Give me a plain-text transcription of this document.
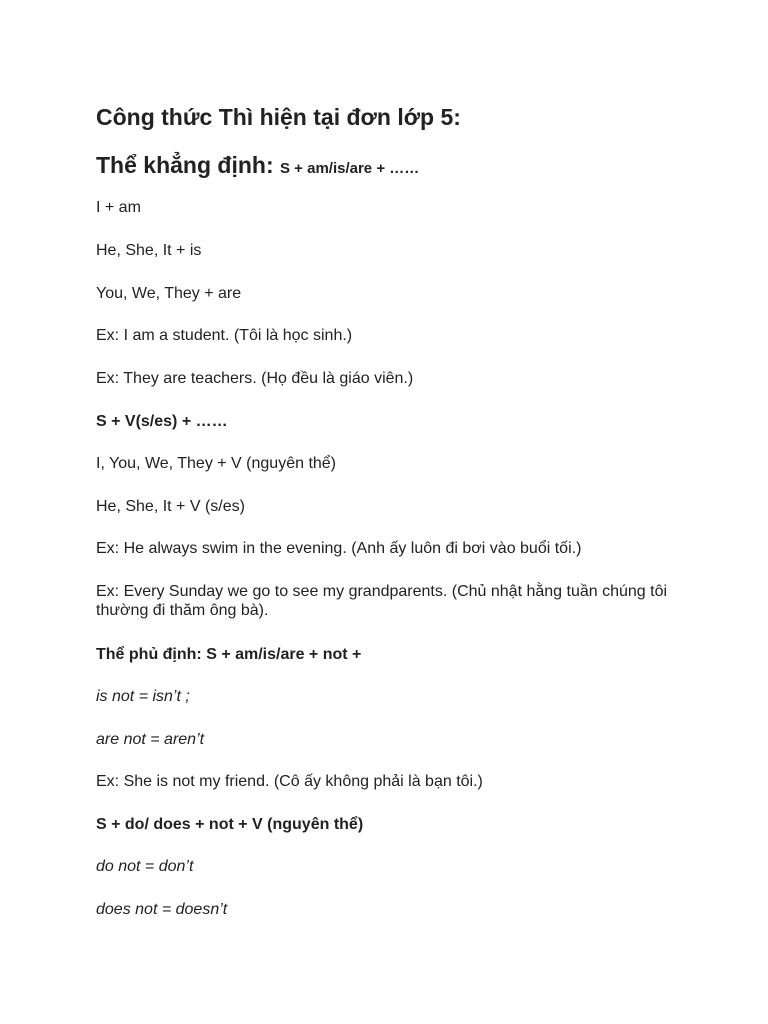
Công thức Thì hiện tại đơn lớp 5:
Thể khẳng định: S + am/is/are + ……
I + am
He, She, It + is
You, We, They + are
Ex: I am a student. (Tôi là học sinh.)
Ex: They are teachers. (Họ đều là giáo viên.)
S + V(s/es) + ……
I, You, We, They + V (nguyên thể)
He, She, It + V (s/es)
Ex: He always swim in the evening. (Anh ấy luôn đi bơi vào buổi tối.)
Ex: Every Sunday we go to see my grandparents. (Chủ nhật hằng tuần chúng tôi thường đi thăm ông bà).
Thể phủ định: S + am/is/are + not +
is not = isn’t ;
are not = aren’t
Ex: She is not my friend. (Cô ấy không phải là bạn tôi.)
S + do/ does + not + V (nguyên thể)
do not = don’t
does not = doesn’t
